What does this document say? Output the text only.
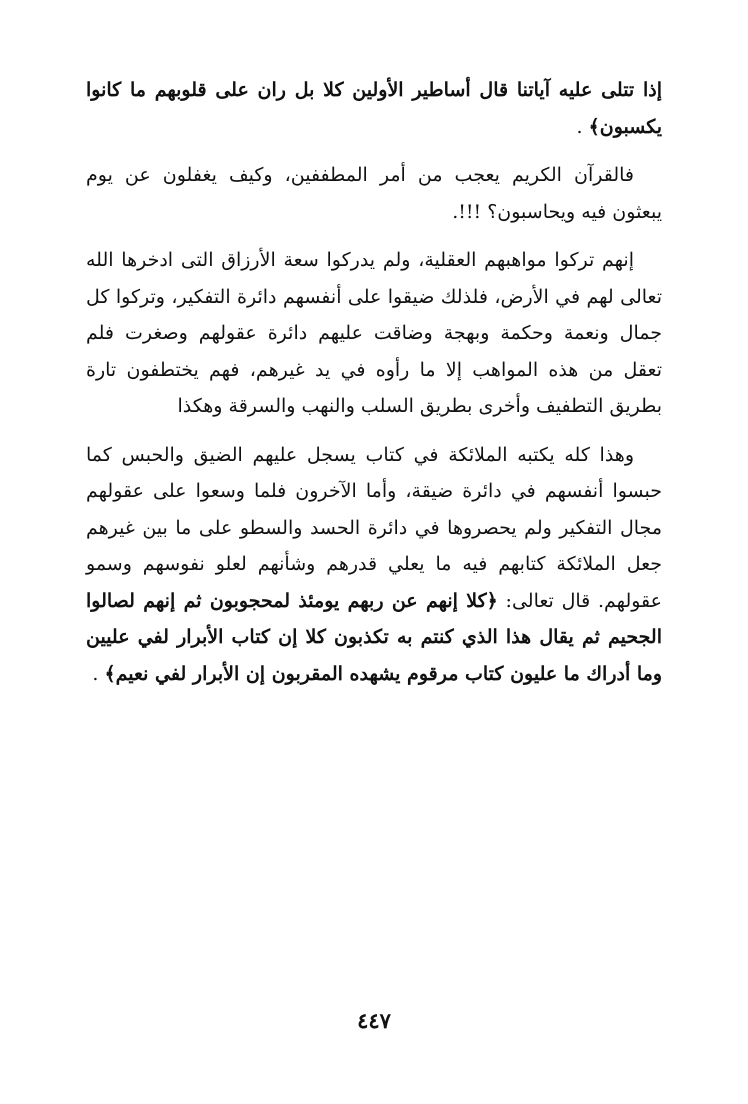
إذا تتلى عليه آياتنا قال أساطير الأولين كلا بل ران على قلوبهم ما كانوا يكسبون﴾ .

فالقرآن الكريم يعجب من أمر المطففين، وكيف يغفلون عن يوم يبعثون فيه ويحاسبون؟ !!!.

إنهم تركوا مواهبهم العقلية، ولم يدركوا سعة الأرزاق التى ادخرها الله تعالى لهم في الأرض، فلذلك ضيقوا على أنفسهم دائرة التفكير، وتركوا كل جمال ونعمة وحكمة وبهجة وضاقت عليهم دائرة عقولهم وصغرت فلم تعقل من هذه المواهب إلا ما رأوه في يد غيرهم، فهم يختطفون تارة بطريق التطفيف وأخرى بطريق السلب والنهب والسرقة وهكذا

وهذا كله يكتبه الملائكة في كتاب يسجل عليهم الضيق والحبس كما حبسوا أنفسهم في دائرة ضيقة، وأما الآخرون فلما وسعوا على عقولهم مجال التفكير ولم يحصروها في دائرة الحسد والسطو على ما بين غيرهم جعل الملائكة كتابهم فيه ما يعلي قدرهم وشأنهم لعلو نفوسهم وسمو عقولهم. قال تعالى: ﴿كلا إنهم عن ربهم يومئذ لمحجوبون ثم إنهم لصالوا الجحيم ثم يقال هذا الذي كنتم به تكذبون كلا إن كتاب الأبرار لفي عليين وما أدراك ما عليون كتاب مرقوم يشهده المقربون إن الأبرار لفي نعيم﴾ .

٤٤٧
